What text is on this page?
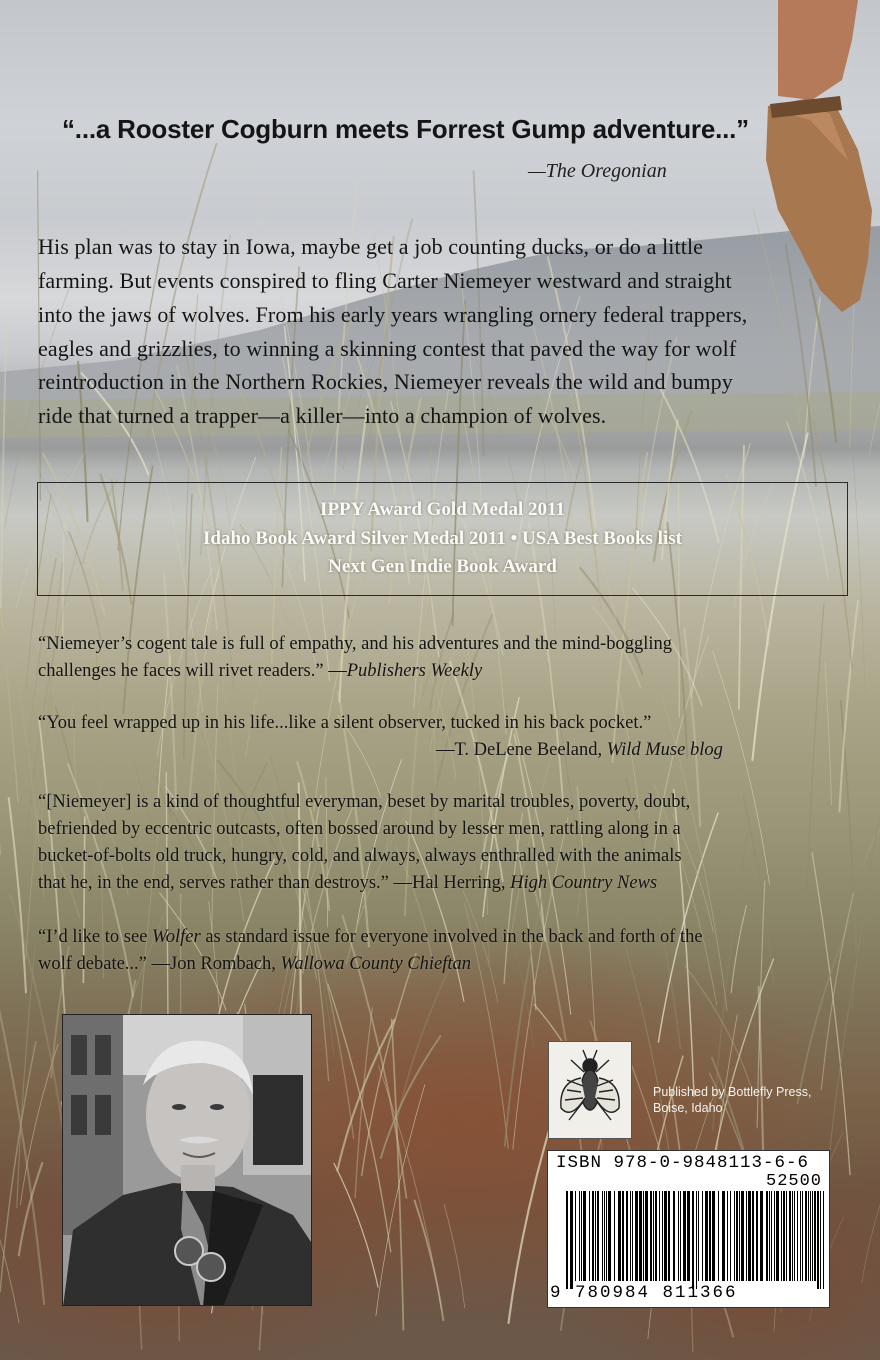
“...a Rooster Cogburn meets Forrest Gump adventure...”

—The Oregonian

His plan was to stay in Iowa, maybe get a job counting ducks, or do a little

farming. But events conspired to fling Carter Niemeyer westward and straight

into the jaws of wolves. From his early years wrangling ornery federal trappers,

eagles and grizzlies, to winning a skinning contest that paved the way for wolf

reintroduction in the Northern Rockies, Niemeyer reveals the wild and bumpy

ride that turned a trapper—a killer—into a champion of wolves.

IPPY Award Gold Medal 2011

Idaho Book Award Silver Medal 2011 • USA Best Books list

Next Gen Indie Book Award

“Niemeyer’s cogent tale is full of empathy, and his adventures and the mind-boggling

challenges he faces will rivet readers.” —Publishers Weekly

“You feel wrapped up in his life...like a silent observer, tucked in his back pocket.”

—T. DeLene Beeland, Wild Muse blog

“[Niemeyer] is a kind of thoughtful everyman, beset by marital troubles, poverty, doubt,

befriended by eccentric outcasts, often bossed around by lesser men, rattling along in a

bucket-of-bolts old truck, hungry, cold, and always, always enthralled with the animals

that he, in the end, serves rather than destroys.” —Hal Herring, High Country News

“I’d like to see Wolfer as standard issue for everyone involved in the back and forth of the

wolf debate...” —Jon Rombach, Wallowa County Chieftan

Published by Bottlefly Press,

Boise, Idaho

ISBN 978-0-9848113-6-6

52500

9 780984 811366
